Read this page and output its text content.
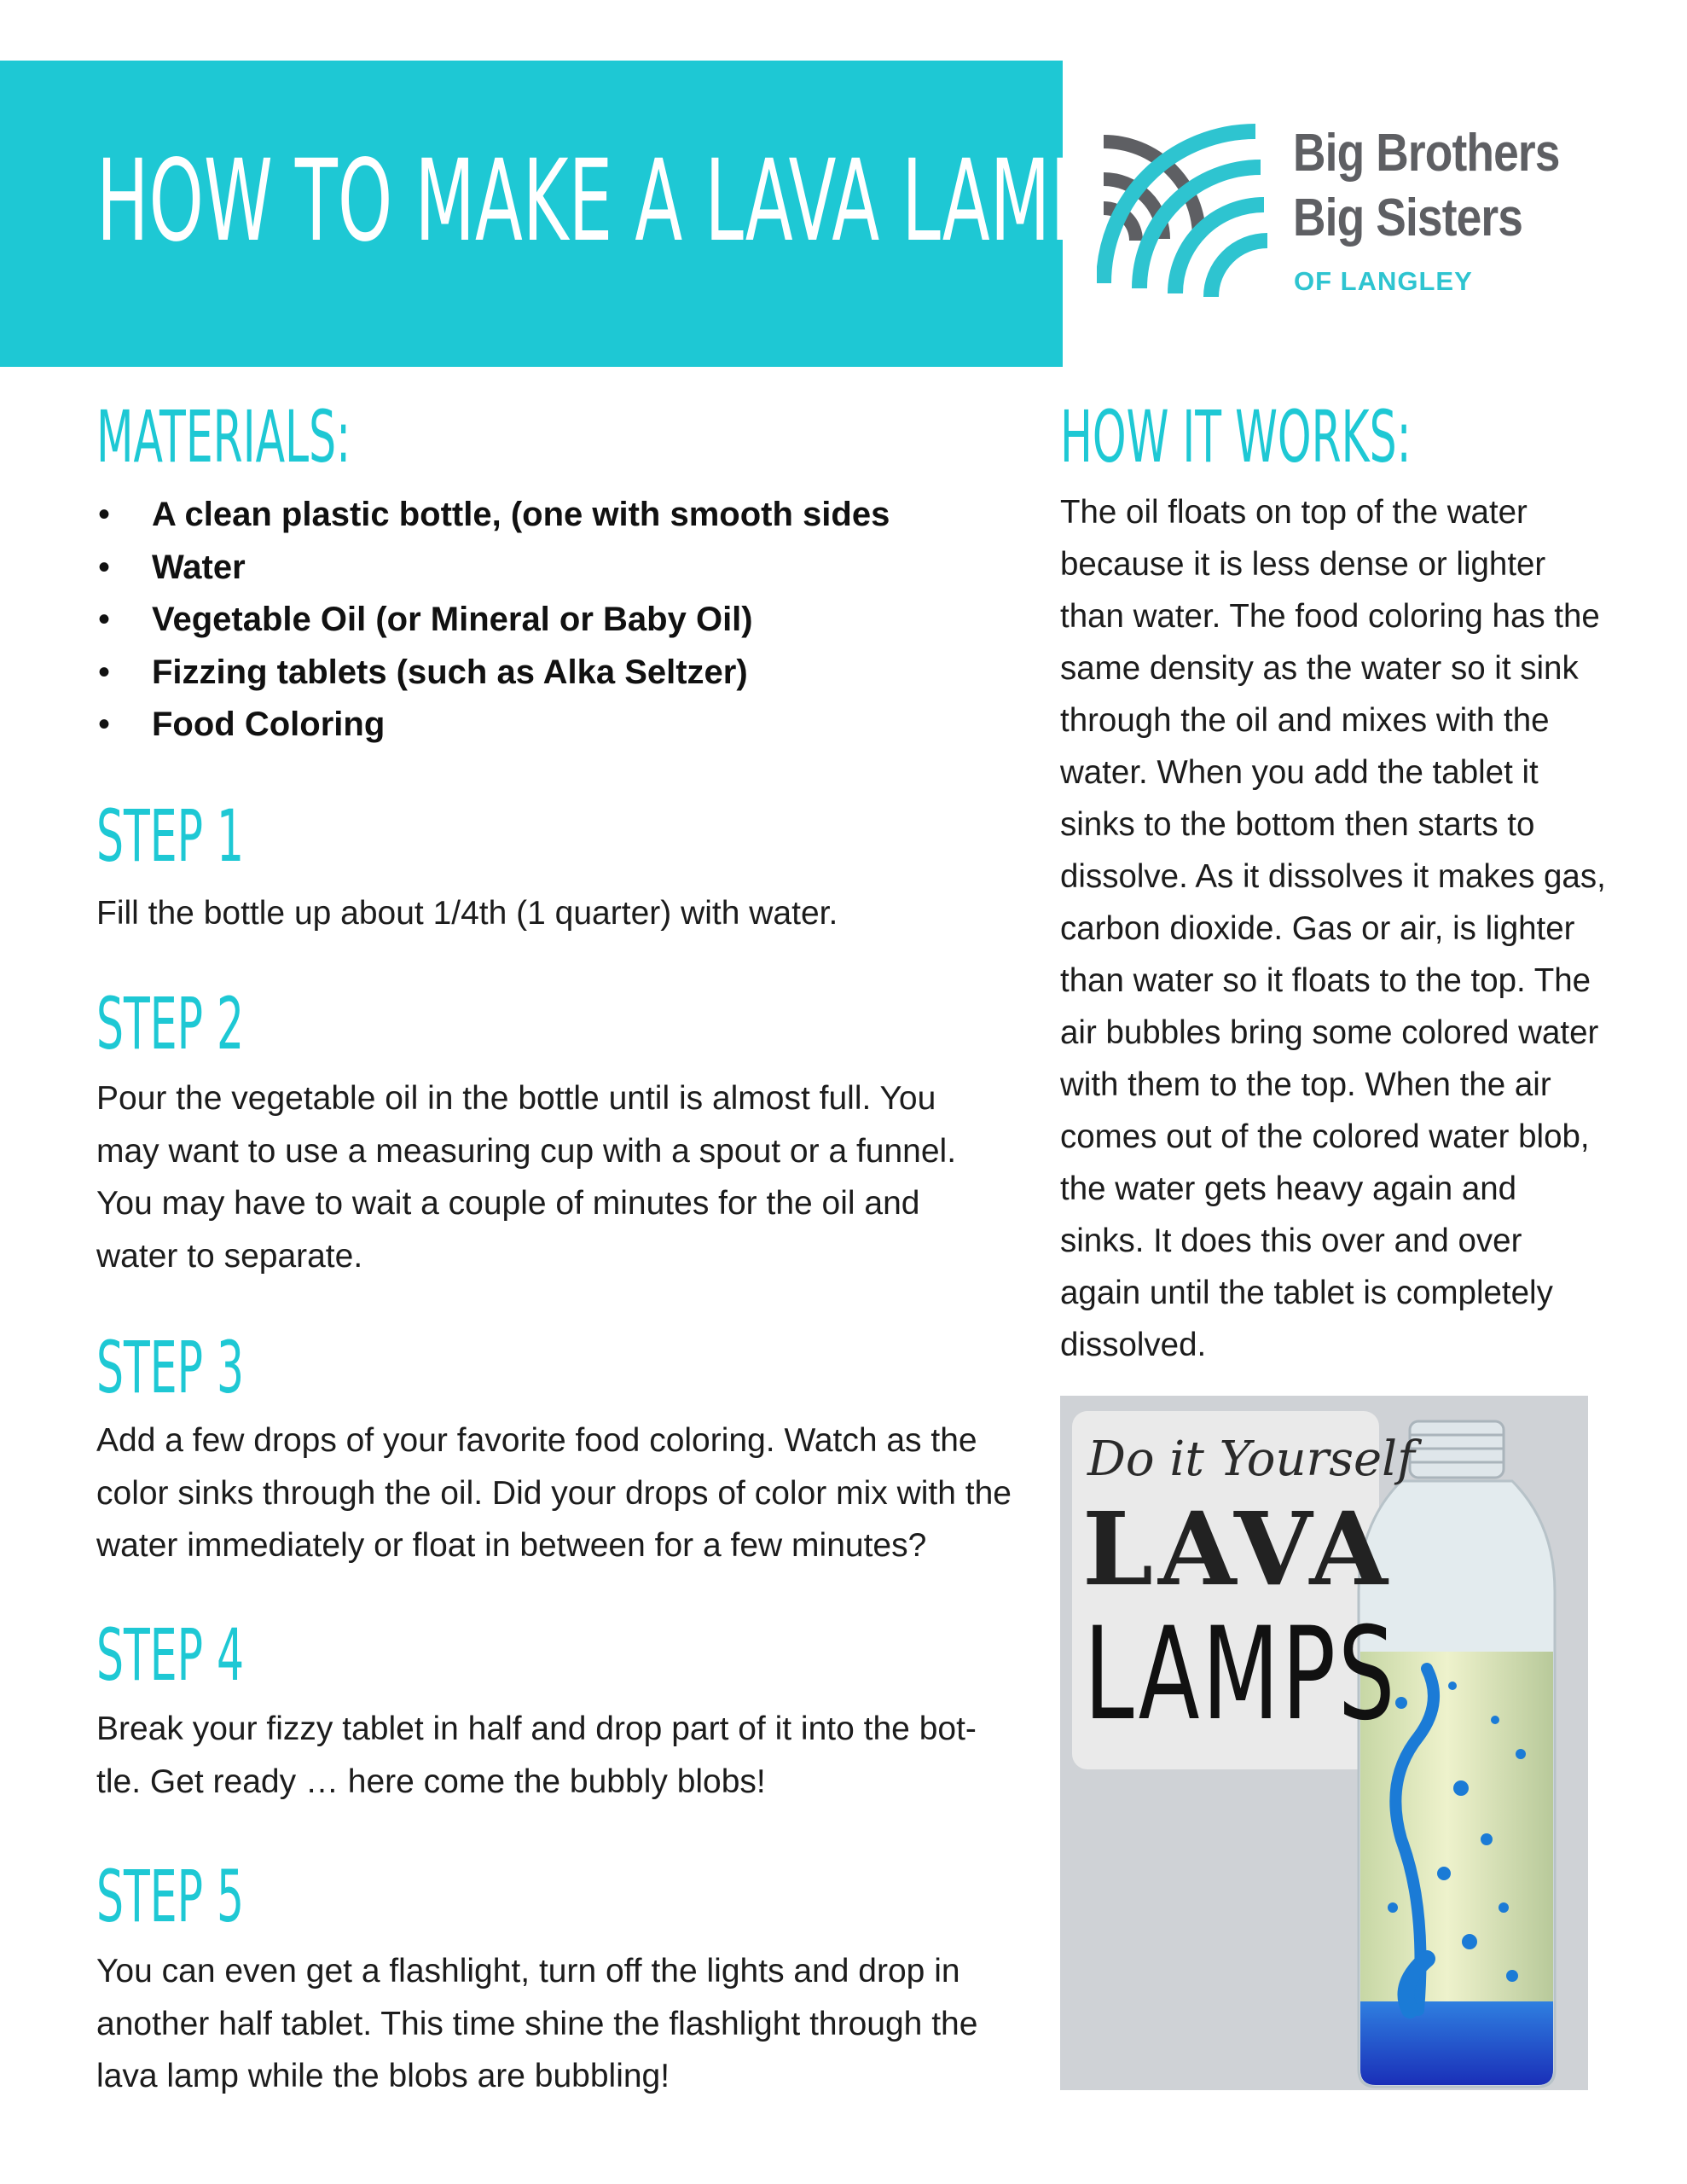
HOW TO MAKE A LAVA LAMP!	Big Brothers
Big Sisters
OF LANGLEY
MATERIALS:
• A clean plastic bottle, (one with smooth sides
• Water
• Vegetable Oil (or Mineral or Baby Oil)
• Fizzing tablets (such as Alka Seltzer)
• Food Coloring
STEP 1

Fill the bottle up about 1/4th (1 quarter) with water.

STEP 2

Pour the vegetable oil in the bottle until is almost full. You may want to use a measuring cup with a spout or a funnel. You may have to wait a couple of minutes for the oil and water to separate.

STEP 3

Add a few drops of your favorite food coloring. Watch as the color sinks through the oil. Did your drops of color mix with the water immediately or float in between for a few minutes?

STEP 4

Break your fizzy tablet in half and drop part of it into the bot-tle. Get ready … here come the bubbly blobs!

STEP 5

You can even get a flashlight, turn off the lights and drop in another half tablet. This time shine the flashlight through the lava lamp while the blobs are bubbling!

HOW IT WORKS:

The oil floats on top of the water because it is less dense or lighter than water. The food coloring has the same density as the water so it sink through the oil and mixes with the water. When you add the tablet it sinks to the bottom then starts to dissolve. As it dissolves it makes gas, carbon dioxide. Gas or air, is lighter than water so it floats to the top. The air bubbles bring some colored water with them to the top. When the air comes out of the colored water blob, the water gets heavy again and sinks. It does this over and over again until the tablet is completely dissolved.

Do it Yourself
LAVA
LAMPS
